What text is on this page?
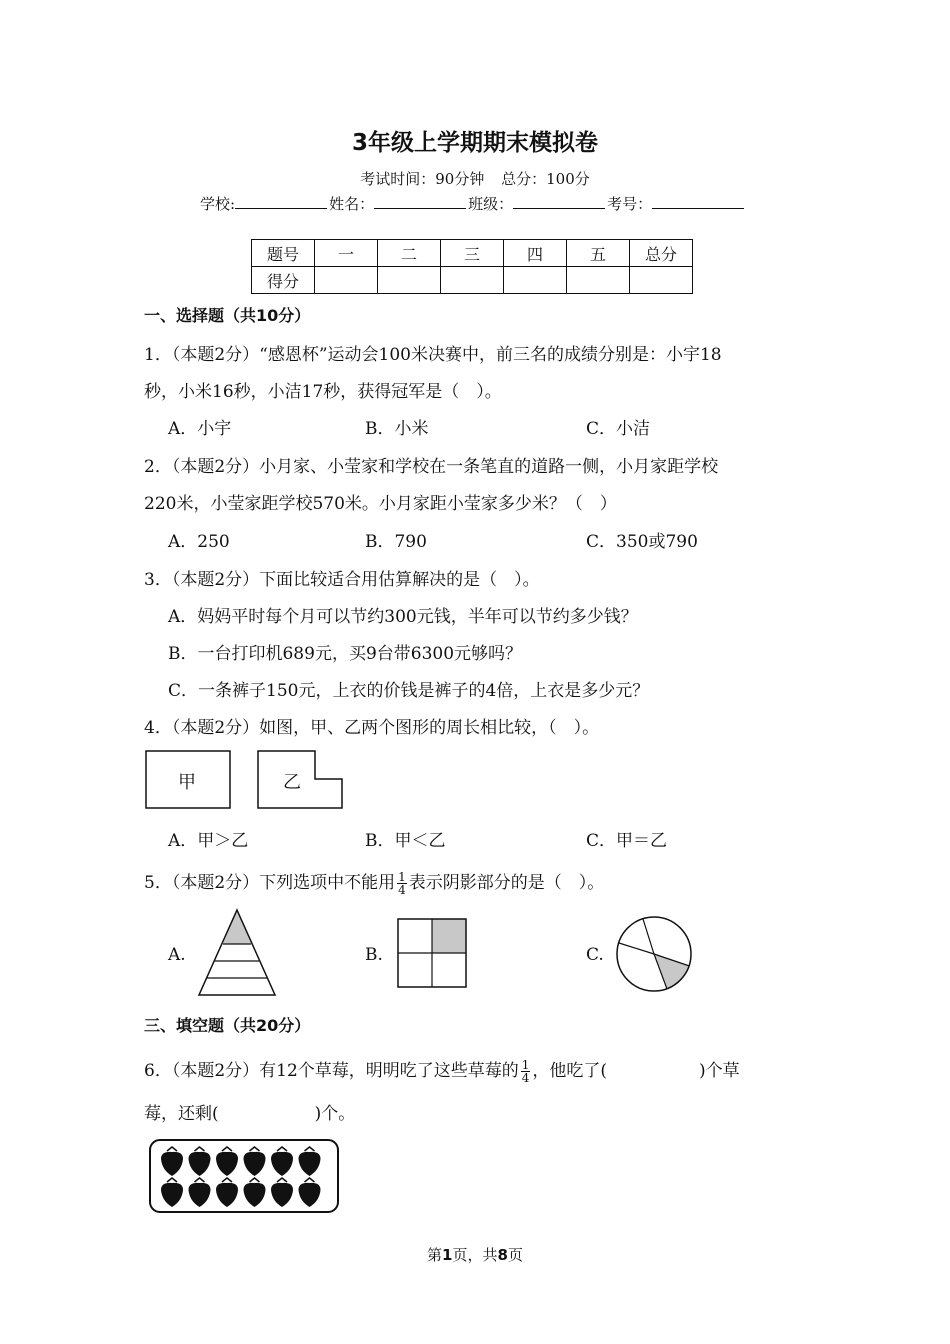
3年级上学期期末模拟卷
考试时间：90分钟 总分：100分
学校:	姓名：	班级：	考号：
题号	一	二	三	四	五	总分
得分						
一、选择题（共10分）
1．（本题2分）“感恩杯”运动会100米决赛中，前三名的成绩分别是：小宇18
秒，小米16秒，小洁17秒，获得冠军是（　）。
A．小宇	B．小米	C．小洁
2．（本题2分）小月家、小莹家和学校在一条笔直的道路一侧，小月家距学校
220米，小莹家距学校570米。小月家距小莹家多少米？（　）
A．250	B．790	C．350或790
3．（本题2分）下面比较适合用估算解决的是（　）。
A．妈妈平时每个月可以节约300元钱，半年可以节约多少钱？
B．一台打印机689元，买9台带6300元够吗？
C．一条裤子150元，上衣的价钱是裤子的4倍，上衣是多少元？
4．（本题2分）如图，甲、乙两个图形的周长相比较，（　）。
甲	乙
A．甲＞乙	B．甲＜乙	C．甲＝乙
5．（本题2分）下列选项中不能用 $\frac{1}{4}$ 表示阴影部分的是（　）。
A.	B.	C.
三、填空题（共20分）
6．（本题2分）有12个草莓，明明吃了这些草莓的 $\frac{1}{4}$ ，他吃了(	)个草
莓，还剩(	)个。
第1页，共8页
